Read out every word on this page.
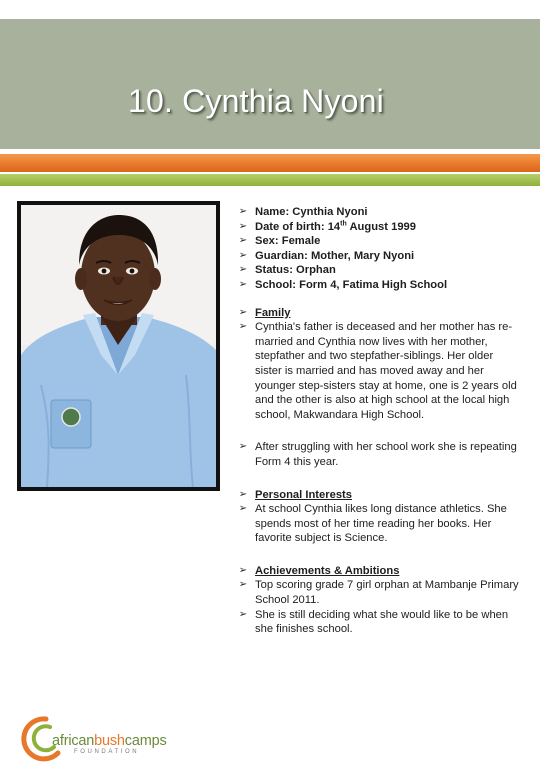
10. Cynthia Nyoni
➢ Name: Cynthia Nyoni
➢ Date of birth: 14th August 1999
➢ Sex: Female
➢ Guardian: Mother, Mary Nyoni
➢ Status: Orphan
➢ School: Form 4, Fatima High School
➢ Family
➢ Cynthia's father is deceased and her mother has re-married and Cynthia now lives with her mother, stepfather and two stepfather-siblings. Her older sister is married and has moved away and her younger step-sisters stay at home, one is 2 years old and the other is also at high school at the local high school, Makwandara High School.
➢ After struggling with her school work she is repeating Form 4 this year.
➢ Personal Interests
➢ At school Cynthia likes long distance athletics. She spends most of her time reading her books. Her favorite subject is Science.
➢ Achievements & Ambitions
➢ Top scoring grade 7 girl orphan at Mambanje Primary School 2011.
➢ She is still deciding what she would like to be when she finishes school.
africanbushcamps
FOUNDATION
